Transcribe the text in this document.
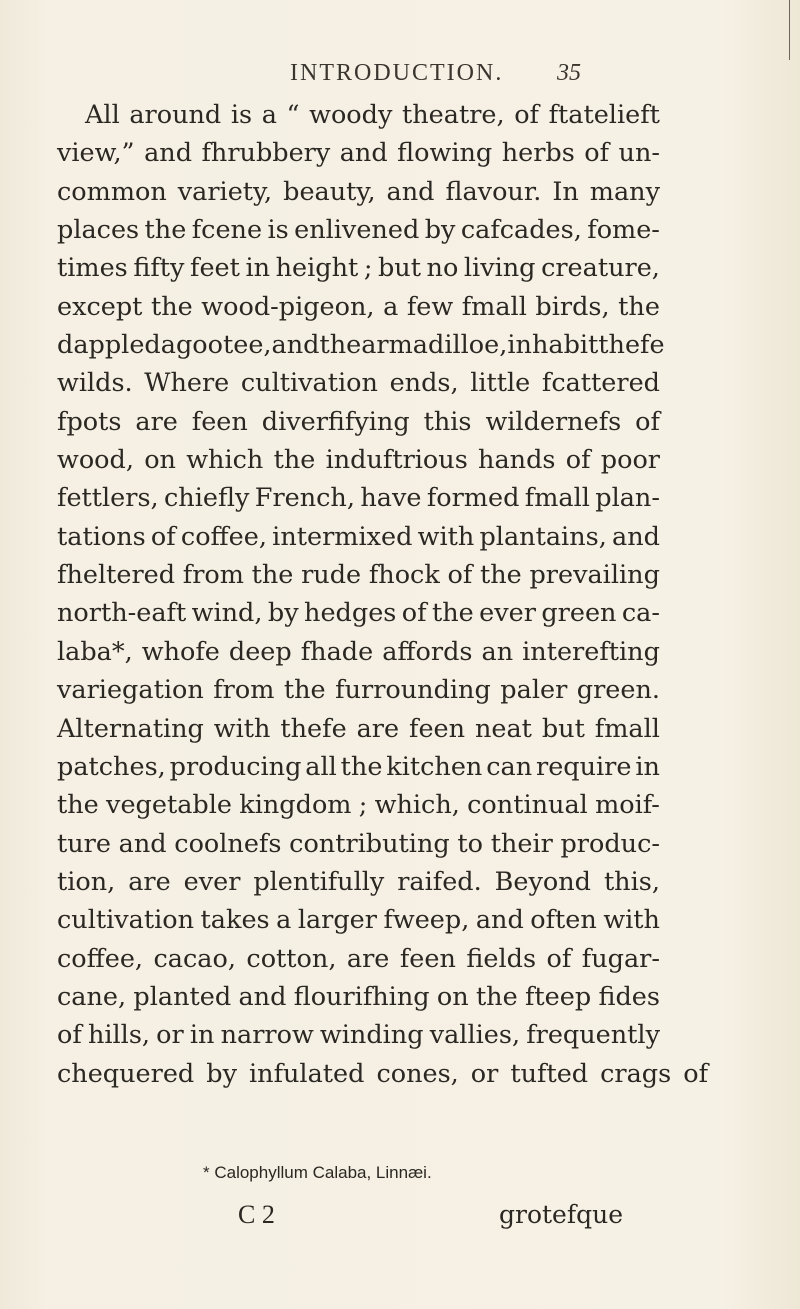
INTRODUCTION. 35
All around is a “ woody theatre, of ftatelieft
view,” and fhrubbery and flowing herbs of un-
common variety, beauty, and flavour. In many
places the fcene is enlivened by cafcades, fome-
times fifty feet in height ; but no living creature,
except the wood-pigeon, a few fmall birds, the
dappled agootee, and the armadilloe, inhabit thefe
wilds. Where cultivation ends, little fcattered
fpots are feen diverfifying this wildernefs of
wood, on which the induftrious hands of poor
fettlers, chiefly French, have formed fmall plan-
tations of coffee, intermixed with plantains, and
fheltered from the rude fhock of the prevailing
north-eaft wind, by hedges of the ever green ca-
laba*, whofe deep fhade affords an interefting
variegation from the furrounding paler green.
Alternating with thefe are feen neat but fmall
patches, producing all the kitchen can require in
the vegetable kingdom ; which, continual moif-
ture and coolnefs contributing to their produc-
tion, are ever plentifully raifed. Beyond this,
cultivation takes a larger fweep, and often with
coffee, cacao, cotton, are feen fields of fugar-
cane, planted and flourifhing on the fteep fides
of hills, or in narrow winding vallies, frequently
chequered by infulated cones, or tufted crags of
* Calophyllum Calaba, Linnæi.
C 2	grotefque
